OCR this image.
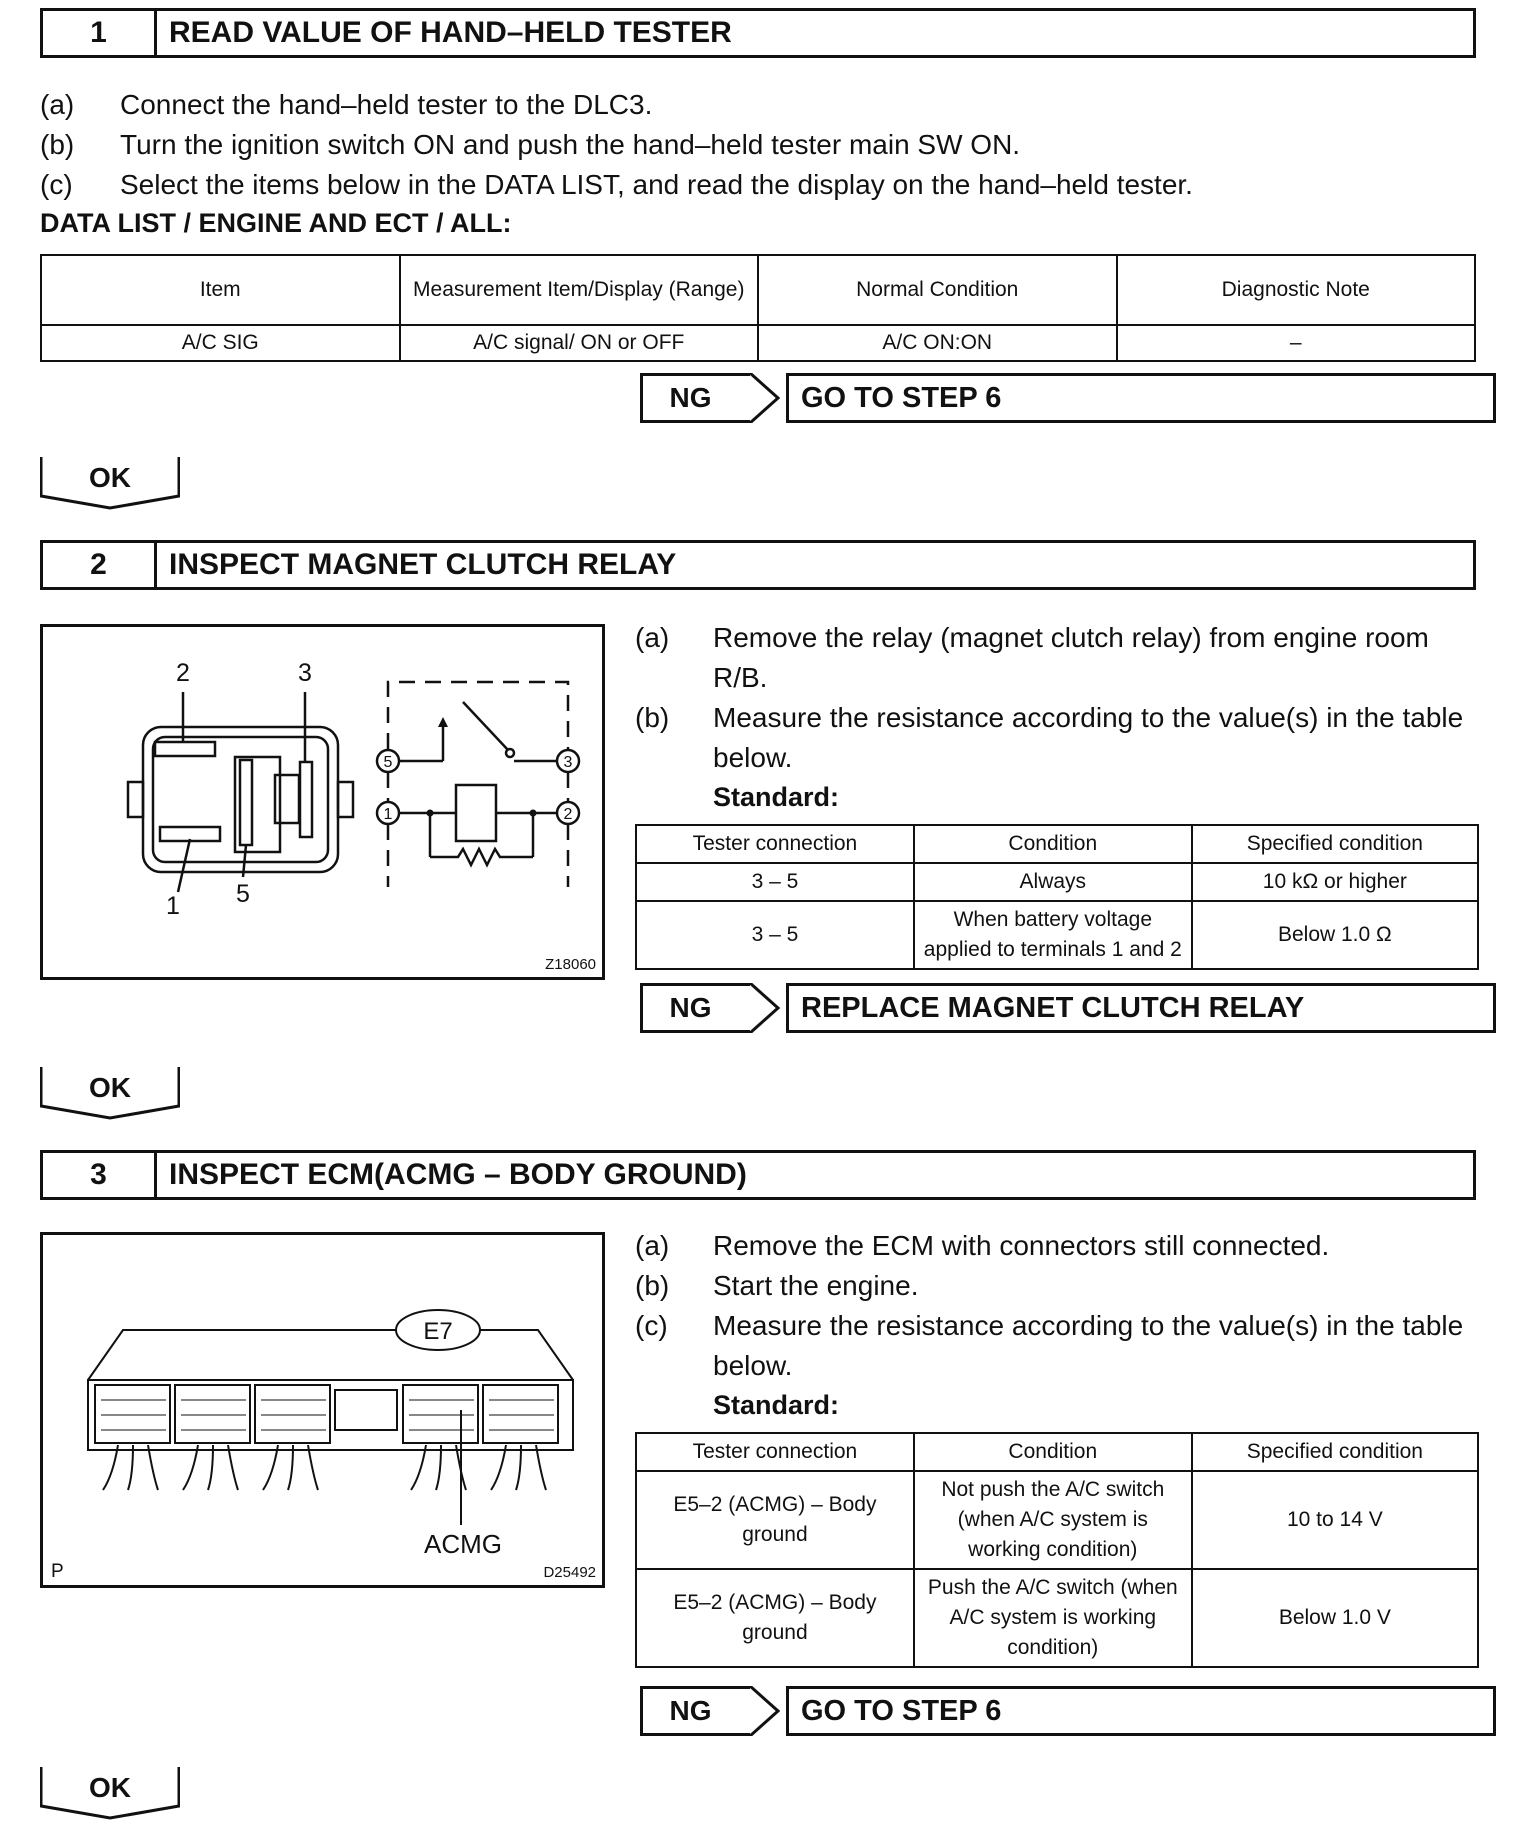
1	READ VALUE OF HAND–HELD TESTER
(a) Connect the hand–held tester to the DLC3.
(b) Turn the ignition switch ON and push the hand–held tester main SW ON.
(c) Select the items below in the DATA LIST, and read the display on the hand–held tester.
DATA LIST / ENGINE AND ECT / ALL:
Item	Measurement Item/Display (Range)	Normal Condition	Diagnostic Note
A/C SIG	A/C signal/ ON or OFF	A/C ON:ON	–
NG	GO TO STEP 6
OK
2	INSPECT MAGNET CLUTCH RELAY
2	3
1 5
5	3
1	2
Z18060
(a) Remove the relay (magnet clutch relay) from engine room R/B.
(b) Measure the resistance according to the value(s) in the table below.
Standard:
Tester connection	Condition	Specified condition
3 – 5	Always	10 kΩ or higher
3 – 5	When battery voltage applied to terminals 1 and 2	Below 1.0 Ω
NG	REPLACE MAGNET CLUTCH RELAY
OK
3	INSPECT ECM(ACMG – BODY GROUND)
E7
ACMG
P	D25492
(a) Remove the ECM with connectors still connected.
(b) Start the engine.
(c) Measure the resistance according to the value(s) in the table below.
Standard:
Tester connection	Condition	Specified condition
E5–2 (ACMG) – Body ground	Not push the A/C switch (when A/C system is working condition)	10 to 14 V
E5–2 (ACMG) – Body ground	Push the A/C switch (when A/C system is working condition)	Below 1.0 V
NG	GO TO STEP 6
OK
